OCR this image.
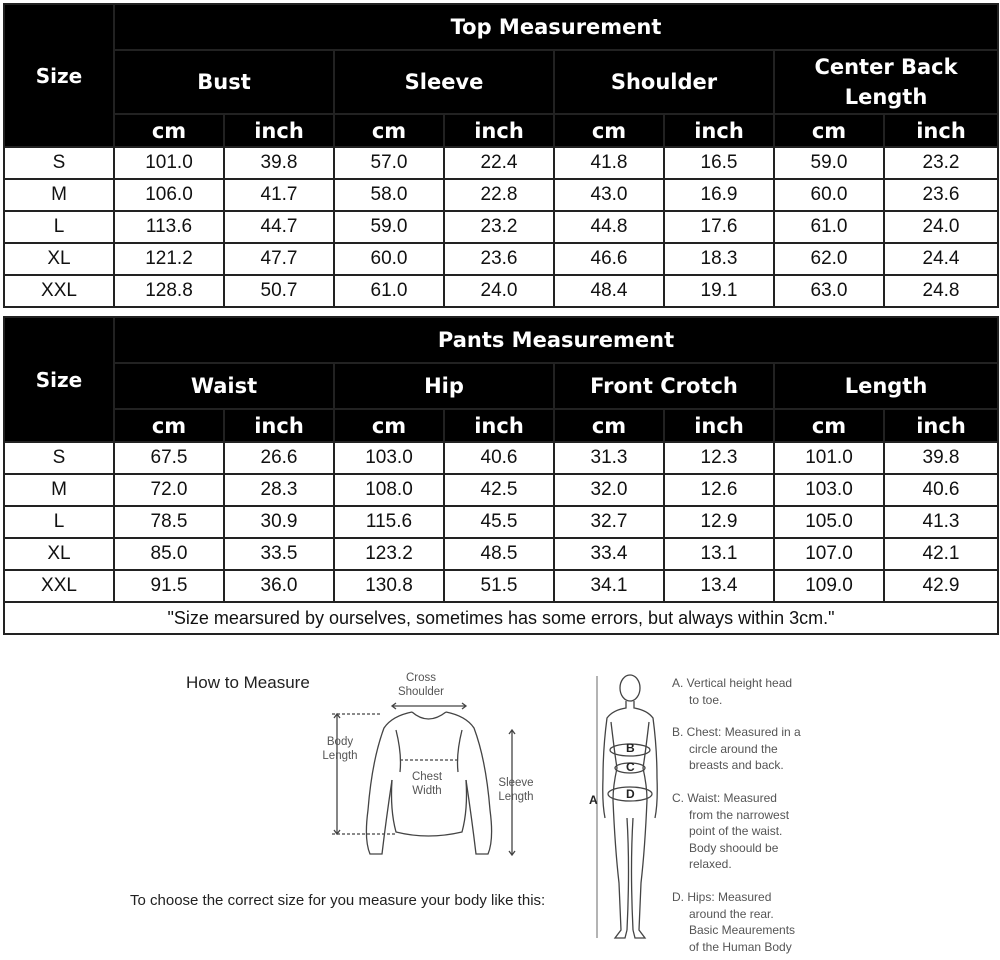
Size	Top Measurement							
	Bust		Sleeve		Shoulder		Center Back Length	
	cm	inch	cm	inch	cm	inch	cm	inch
S	101.0	39.8	57.0	22.4	41.8	16.5	59.0	23.2
M	106.0	41.7	58.0	22.8	43.0	16.9	60.0	23.6
L	113.6	44.7	59.0	23.2	44.8	17.6	61.0	24.0
XL	121.2	47.7	60.0	23.6	46.6	18.3	62.0	24.4
XXL	128.8	50.7	61.0	24.0	48.4	19.1	63.0	24.8
Size	Pants Measurement							
	Waist		Hip		Front Crotch		Length	
	cm	inch	cm	inch	cm	inch	cm	inch
S	67.5	26.6	103.0	40.6	31.3	12.3	101.0	39.8
M	72.0	28.3	108.0	42.5	32.0	12.6	103.0	40.6
L	78.5	30.9	115.6	45.5	32.7	12.9	105.0	41.3
XL	85.0	33.5	123.2	48.5	33.4	13.1	107.0	42.1
XXL	91.5	36.0	130.8	51.5	34.1	13.4	109.0	42.9
"Size mearsured by ourselves, sometimes has some errors, but always within 3cm."								
How to Measure	Cross
Shoulder
Body
Length
Chest
Width
Sleeve
Length
To choose the correct size for you measure your body like this:
A
B
C
D
A. Vertical height head
to toe.
B. Chest: Measured in a
circle around the
breasts and back.
C. Waist: Measured
from the narrowest
point of the waist.
Body shoould be
relaxed.
D. Hips: Measured
around the rear.
Basic Meaurements
of the Human Body
